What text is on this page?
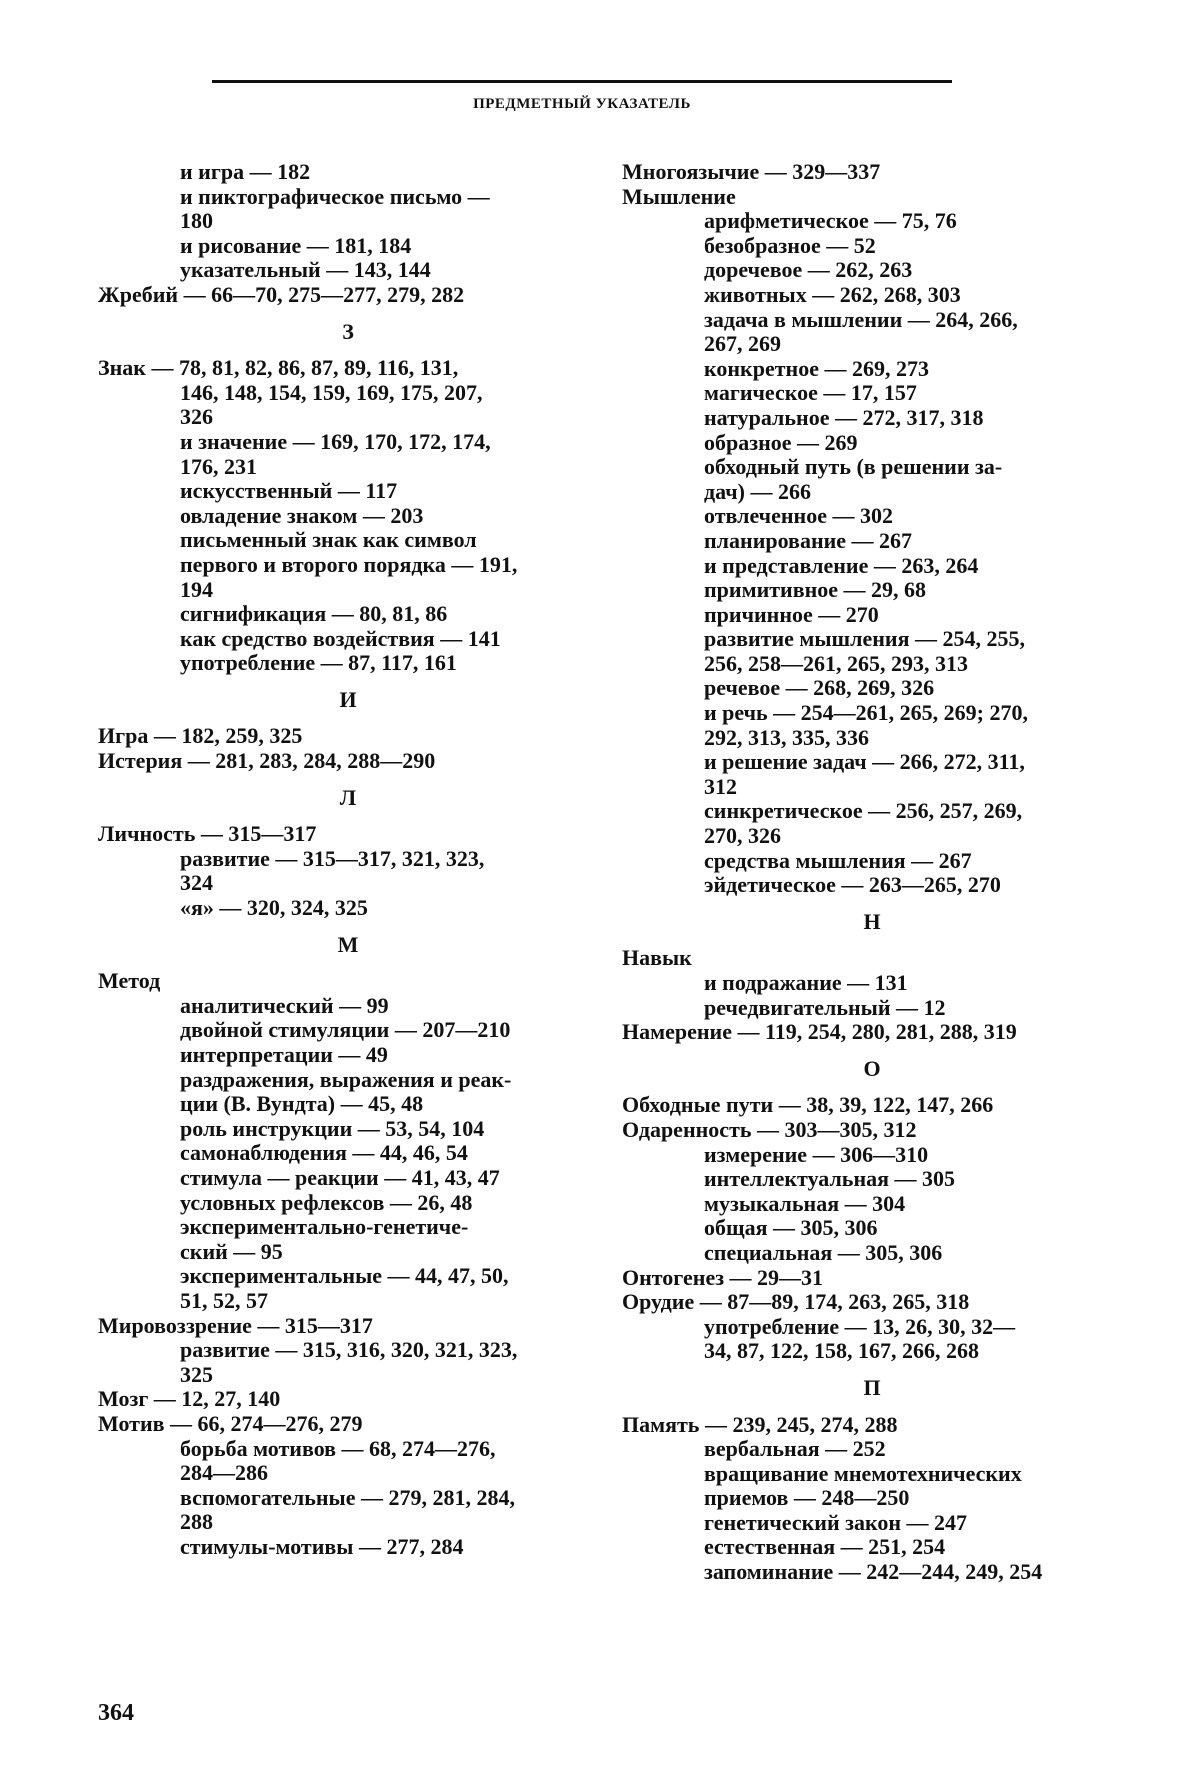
ПРЕДМЕТНЫЙ УКАЗАТЕЛЬ
и игра — 182
и пиктографическое письмо —
180
и рисование — 181, 184
указательный — 143, 144
Жребий — 66—70, 275—277, 279, 282
З
Знак — 78, 81, 82, 86, 87, 89, 116, 131,
146, 148, 154, 159, 169, 175, 207,
326
и значение — 169, 170, 172, 174,
176, 231
искусственный — 117
овладение знаком — 203
письменный знак как символ
первого и второго порядка — 191,
194
сигнификация — 80, 81, 86
как средство воздействия — 141
употребление — 87, 117, 161
И
Игра — 182, 259, 325
Истерия — 281, 283, 284, 288—290
Л
Личность — 315—317
развитие — 315—317, 321, 323,
324
«я» — 320, 324, 325
М
Метод
аналитический — 99
двойной стимуляции — 207—210
интерпретации — 49
раздражения, выражения и реак-
ции (В. Вундта) — 45, 48
роль инструкции — 53, 54, 104
самонаблюдения — 44, 46, 54
стимула — реакции — 41, 43, 47
условных рефлексов — 26, 48
экспериментально-генетиче-
ский — 95
экспериментальные — 44, 47, 50,
51, 52, 57
Мировоззрение — 315—317
развитие — 315, 316, 320, 321, 323,
325
Мозг — 12, 27, 140
Мотив — 66, 274—276, 279
борьба мотивов — 68, 274—276,
284—286
вспомогательные — 279, 281, 284,
288
стимулы-мотивы — 277, 284
Многоязычие — 329—337
Мышление
арифметическое — 75, 76
безобразное — 52
доречевое — 262, 263
животных — 262, 268, 303
задача в мышлении — 264, 266,
267, 269
конкретное — 269, 273
магическое — 17, 157
натуральное — 272, 317, 318
образное — 269
обходный путь (в решении за-
дач) — 266
отвлеченное — 302
планирование — 267
и представление — 263, 264
примитивное — 29, 68
причинное — 270
развитие мышления — 254, 255,
256, 258—261, 265, 293, 313
речевое — 268, 269, 326
и речь — 254—261, 265, 269; 270,
292, 313, 335, 336
и решение задач — 266, 272, 311,
312
синкретическое — 256, 257, 269,
270, 326
средства мышления — 267
эйдетическое — 263—265, 270
Н
Навык
и подражание — 131
речедвигательный — 12
Намерение — 119, 254, 280, 281, 288, 319
О
Обходные пути — 38, 39, 122, 147, 266
Одаренность — 303—305, 312
измерение — 306—310
интеллектуальная — 305
музыкальная — 304
общая — 305, 306
специальная — 305, 306
Онтогенез — 29—31
Орудие — 87—89, 174, 263, 265, 318
употребление — 13, 26, 30, 32—
34, 87, 122, 158, 167, 266, 268
П
Память — 239, 245, 274, 288
вербальная — 252
вращивание мнемотехнических
приемов — 248—250
генетический закон — 247
естественная — 251, 254
запоминание — 242—244, 249, 254
364
